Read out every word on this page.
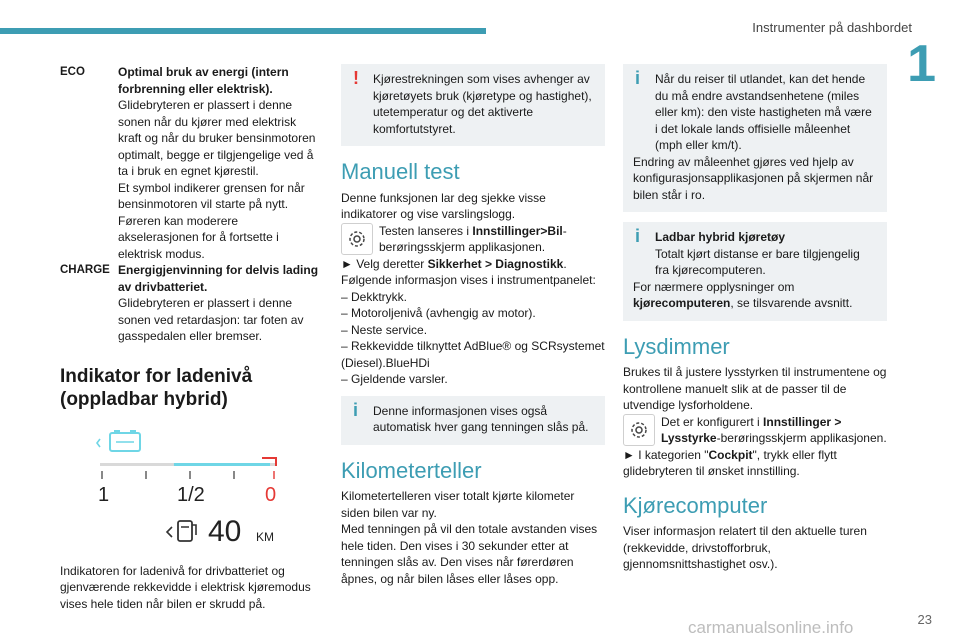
Instrumenter på dashbordet
1
23
carmanualsonline.info
ECO	Optimal bruk av energi (intern forbrenning eller elektrisk).

Glidebryteren er plassert i denne sonen når du kjører med elektrisk kraft og når du bruker bensinmotoren optimalt, begge er tilgjengelige ved å ta i bruk en egnet kjørestil.

Et symbol indikerer grensen for når bensinmotoren vil starte på nytt. Føreren kan moderere akselerasjonen for å fortsette i elektrisk modus.

CHARGE Energigjenvinning for delvis lading av drivbatteriet.

Glidebryteren er plassert i denne sonen ved retardasjon: tar foten av gasspedalen eller bremser.

Indikator for ladenivå (oppladbar hybrid)
1	1/2	0
40 KM

Indikatoren for ladenivå for drivbatteriet og gjenværende rekkevidde i elektrisk kjøremodus vises hele tiden når bilen er skrudd på.

!	Kjørestrekningen som vises avhenger av kjøretøyets bruk (kjøretype og hastighet), utetemperatur og det aktiverte komfortutstyret.

Manuell test

Denne funksjonen lar deg sjekke visse indikatorer og vise varslingslogg.

Testen lanseres i Innstillinger>Bil-berøringsskjerm applikasjonen.

► Velg deretter Sikkerhet > Diagnostikk.

Følgende informasjon vises i instrumentpanelet:

– Dekktrykk.

– Motoroljenivå (avhengig av motor).

– Neste service.

– Rekkevidde tilknyttet AdBlue® og SCRsystemet (Diesel).BlueHDi

– Gjeldende varsler.

i	Denne informasjonen vises også automatisk hver gang tenningen slås på.

Kilometerteller

Kilometertelleren viser totalt kjørte kilometer siden bilen var ny.

Med tenningen på vil den totale avstanden vises hele tiden. Den vises i 30 sekunder etter at tenningen slås av. Den vises når førerdøren åpnes, og når bilen låses eller låses opp.

i	Når du reiser til utlandet, kan det hende du må endre avstandsenhetene (miles eller km): den viste hastigheten må være i det lokale lands offisielle måleenhet (mph eller km/t).

Endring av måleenhet gjøres ved hjelp av konfigurasjonsapplikasjonen på skjermen når bilen står i ro.

i	Ladbar hybrid kjøretøy

Totalt kjørt distanse er bare tilgjengelig fra kjørecomputeren.

For nærmere opplysninger om kjørecomputeren, se tilsvarende avsnitt.

Lysdimmer

Brukes til å justere lysstyrken til instrumentene og kontrollene manuelt slik at de passer til de utvendige lysforholdene.

Det er konfigurert i Innstillinger > Lysstyrke-berøringsskjerm applikasjonen.

► I kategorien "Cockpit", trykk eller flytt glidebryteren til ønsket innstilling.

Kjørecomputer

Viser informasjon relatert til den aktuelle turen (rekkevidde, drivstofforbruk, gjennomsnittshastighet osv.).
